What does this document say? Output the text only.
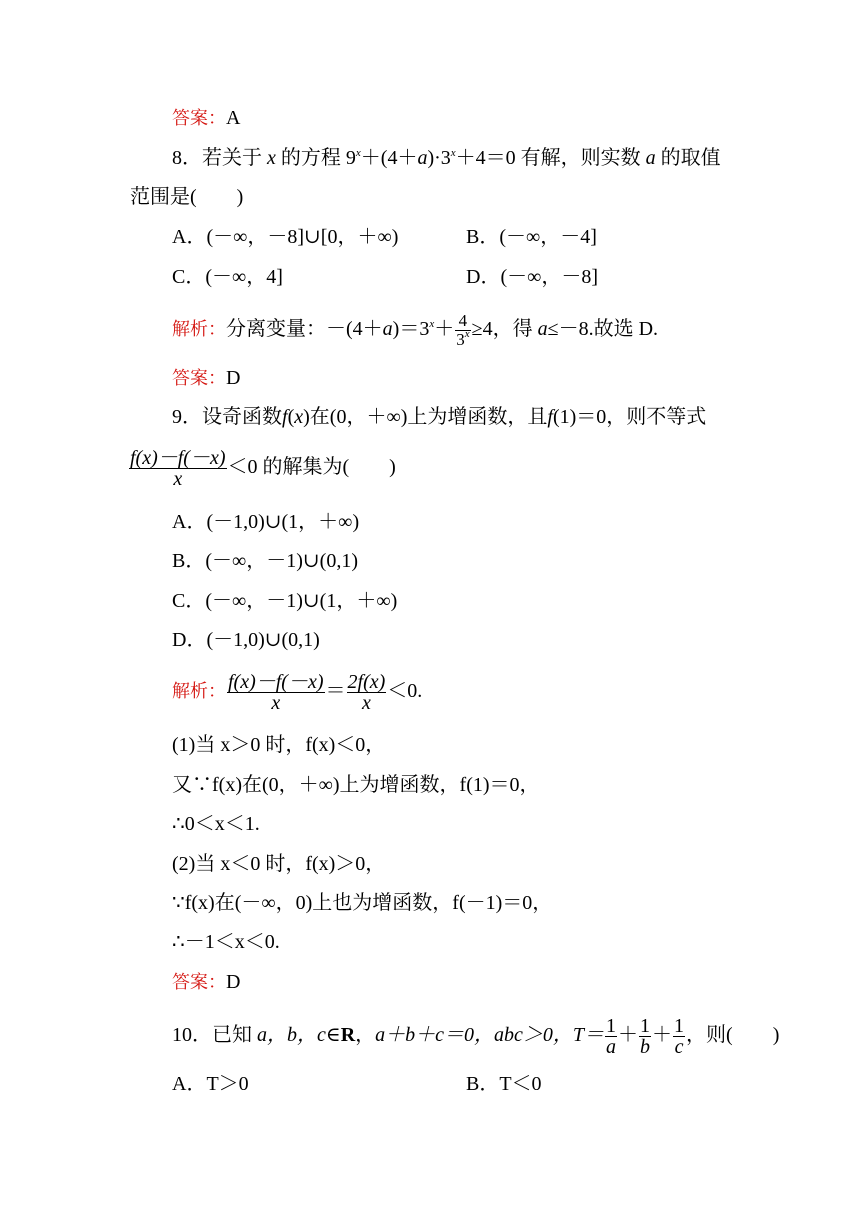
答案：A
8．若关于 x 的方程 $9^x+(4+a)\cdot 3^x+4=0$ 有解，则实数 a 的取值
范围是(　　)
A．(－∞，－8]∪[0，＋∞)	B．(－∞，－4]
C．(－∞，4]	D．(－∞，－8]
解析：分离变量：$-(4+a)=3^x+ \frac{4}{3^x} \ge 4$，得 a≤－8.故选 D.
答案：D
9．设奇函数f(x)在(0，＋∞)上为增函数，且f(1)＝0，则不等式
$\frac{f(x)-f(-x)}{x} <0$ 的解集为(　　)
A．(－1,0)∪(1，＋∞)
B．(－∞，－1)∪(0,1)
C．(－∞，－1)∪(1，＋∞)
D．(－1,0)∪(0,1)
解析： $\frac{f(x)-f(-x)}{x} = \frac{2f(x)}{x} <0$.
(1)当 x＞0 时，f(x)＜0，
又∵f(x)在(0，＋∞)上为增函数，f(1)＝0，
∴0＜x＜1.
(2)当 x＜0 时，f(x)＞0，
∵f(x)在(－∞，0)上也为增函数，f(－1)＝0，
∴－1＜x＜0.
答案：D
10．已知 a，b，c∈R，a＋b＋c＝0，abc＞0，$T= \frac{1}{a} + \frac{1}{b} + \frac{1}{c}$ ，则(　　)
A．T＞0	B．T＜0
